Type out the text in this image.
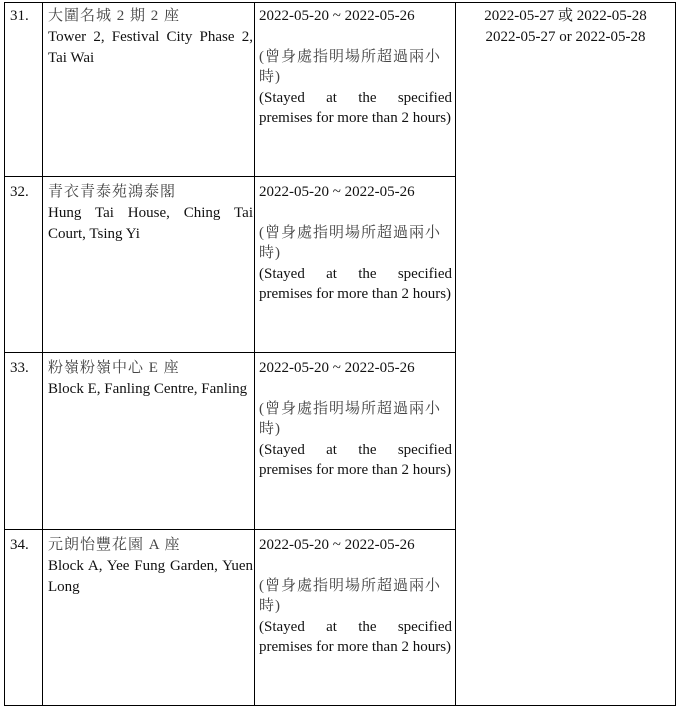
31. 大圍名城 2 期 2 座
Tower 2, Festival City Phase 2, Tai Wai
2022-05-20 ~ 2022-05-26
(曾身處指明場所超過兩小時)
(Stayed at the specified premises for more than 2 hours)
32. 青衣青泰苑鴻泰閣
Hung Tai House, Ching Tai Court, Tsing Yi
2022-05-20 ~ 2022-05-26
(曾身處指明場所超過兩小時)
(Stayed at the specified premises for more than 2 hours)
33. 粉嶺粉嶺中心 E 座
Block E, Fanling Centre, Fanling
2022-05-20 ~ 2022-05-26
(曾身處指明場所超過兩小時)
(Stayed at the specified premises for more than 2 hours)
34. 元朗怡豐花園 A 座
Block A, Yee Fung Garden, Yuen Long
2022-05-20 ~ 2022-05-26
(曾身處指明場所超過兩小時)
(Stayed at the specified premises for more than 2 hours)
2022-05-27 或 2022-05-28
2022-05-27 or 2022-05-28
